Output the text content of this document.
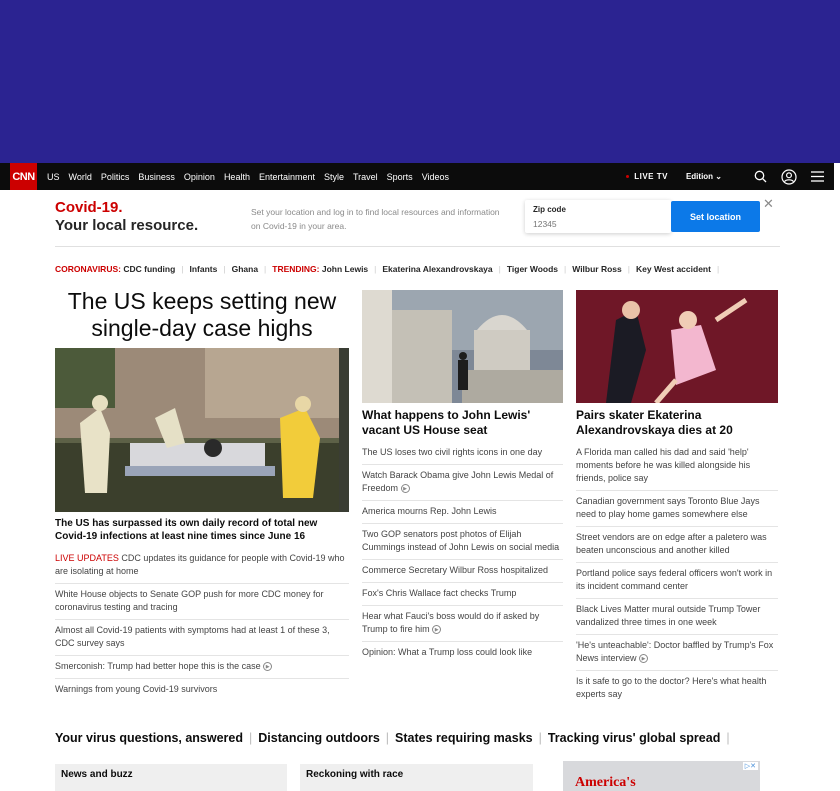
CNN US World Politics Business Opinion Health Entertainment Style Travel Sports Videos	LIVE TV Edition ⌄
Covid-19.
Your local resource.
Set your location and log in to find local resources and information on Covid-19 in your area.
Zip code
12345
Set location
✕
CORONAVIRUS:
CDC funding | Infants | Ghana | TRENDING:
John Lewis | Ekaterina Alexandrovskaya | Tiger Woods | Wilbur Ross | Key West accident |
The US keeps setting new single-day case highs
The US has surpassed its own daily record of total new Covid-19 infections at least nine times since June 16
LIVE UPDATES CDC updates its guidance for people with Covid-19 who are isolating at home
White House objects to Senate GOP push for more CDC money for coronavirus testing and tracing
Almost all Covid-19 patients with symptoms had at least 1 of these 3, CDC survey says
Smerconish: Trump had better hope this is the case ▶
Warnings from young Covid-19 survivors
What happens to John Lewis' vacant US House seat
The US loses two civil rights icons in one day
Watch Barack Obama give John Lewis Medal of Freedom ▶
America mourns Rep. John Lewis
Two GOP senators post photos of Elijah Cummings instead of John Lewis on social media
Commerce Secretary Wilbur Ross hospitalized
Fox's Chris Wallace fact checks Trump
Hear what Fauci's boss would do if asked by Trump to fire him ▶
Opinion: What a Trump loss could look like
Pairs skater Ekaterina Alexandrovskaya dies at 20
A Florida man called his dad and said 'help' moments before he was killed alongside his friends, police say
Canadian government says Toronto Blue Jays need to play home games somewhere else
Street vendors are on edge after a paletero was beaten unconscious and another killed
Portland police says federal officers won't work in its incident command center
Black Lives Matter mural outside Trump Tower vandalized three times in one week
'He's unteachable': Doctor baffled by Trump's Fox News interview ▶
Is it safe to go to the doctor? Here's what health experts say
Your virus questions, answered | Distancing outdoors | States requiring masks | Tracking virus' global spread |
News and buzz	Reckoning with race
▷✕
America's
